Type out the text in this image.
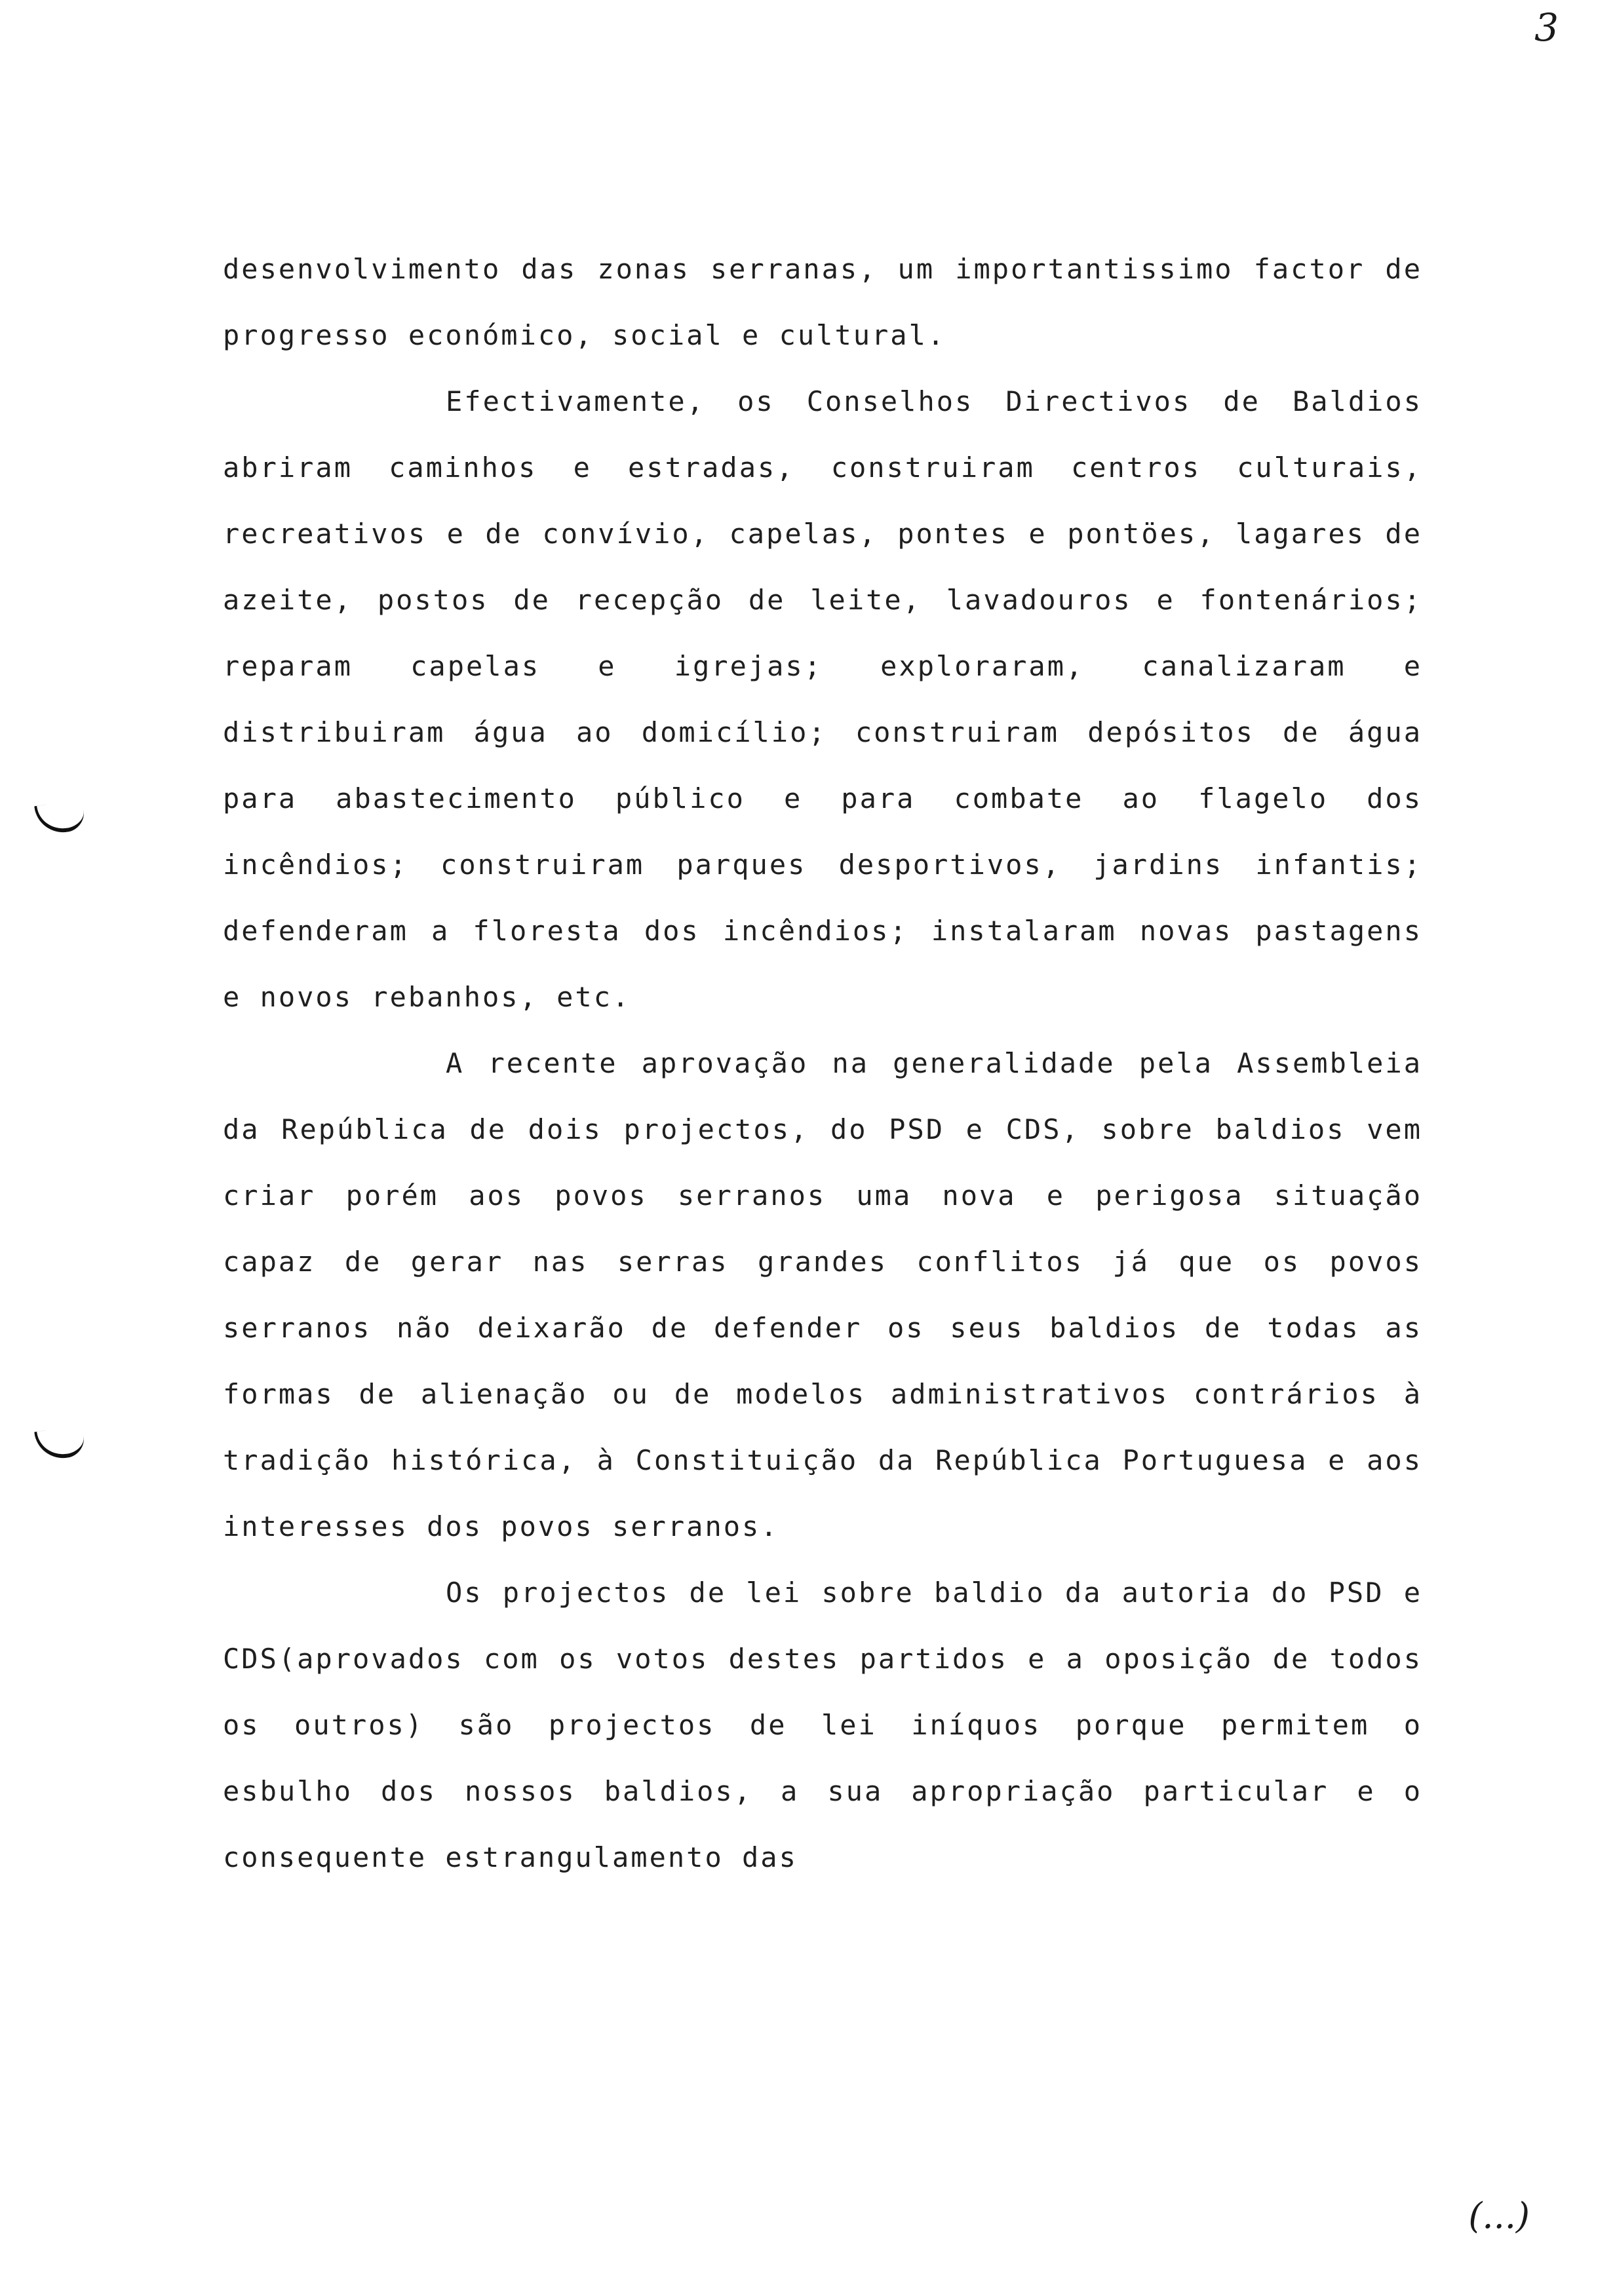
3

desenvolvimento das zonas serranas, um importantissimo factor de progresso económico, social e cultural.

Efectivamente, os Conselhos Directivos de Baldios abriram caminhos e estradas, construiram centros culturais, recreativos e de convívio, capelas, pontes e pontöes, lagares de azeite, postos de recepção de leite, lavadouros e fontenários; reparam capelas e igrejas; exploraram, canalizaram e distribuiram água ao domicílio; construiram depósitos de água para abastecimento público e para combate ao flagelo dos incêndios; construiram parques desportivos, jardins infantis; defenderam a floresta dos incêndios; instalaram novas pastagens e novos rebanhos, etc.

A recente aprovação na generalidade pela Assembleia da República de dois projectos, do PSD e CDS, sobre baldios vem criar porém aos povos serranos uma nova e perigosa situação capaz de gerar nas serras grandes conflitos já que os povos serranos não deixarão de defender os seus baldios de todas as formas de alienação ou de modelos administrativos contrários à tradição histórica, à Constituição da República Portuguesa e aos interesses dos povos serranos.

Os projectos de lei sobre baldio da autoria do PSD e CDS(aprovados com os votos destes partidos e a oposição de todos os outros) são projectos de lei iníquos porque permitem o esbulho dos nossos baldios, a sua apropriação particular e o consequente estrangulamento das

(...)
